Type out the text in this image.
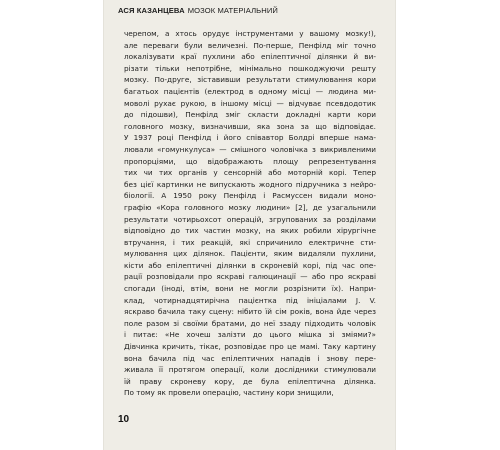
АСЯ КАЗАНЦЕВА МОЗОК МАТЕРІАЛЬНИЙ
черепом, а хтось орудує інструментами у вашому мозку!),
але переваги були величезні. По-перше, Пенфілд міг точно
локалізувати краї пухлини або епілептичної ділянки й ви-
різати тільки непотрібне, мінімально пошкоджуючи решту
мозку. По-друге, зіставивши результати стимулювання кори
багатьох пацієнтів (електрод в одному місці — людина ми-
моволі рухає рукою, в іншому місці — відчуває псевдодотик
до підошви), Пенфілд зміг скласти докладні карти кори
головного мозку, визначивши, яка зона за що відповідає.
У 1937 році Пенфілд і його співавтор Болдрі вперше нама-
лювали «гомункулуса» — смішного чоловічка з викривленими
пропорціями, що відображають площу репрезентування
тих чи тих органів у сенсорній або моторній корі. Тепер
без цієї картинки не випускають жодного підручника з нейро-
біології. А 1950 року Пенфілд і Расмуссен видали моно-
графію «Кора головного мозку людини» [2], де узагальнили
результати чотирьохсот операцій, згрупованих за розділами
відповідно до тих частин мозку, на яких робили хірургічне
втручання, і тих реакцій, які спричинило електричне сти-
мулювання цих ділянок. Пацієнти, яким видаляли пухлини,
кісти або епілептичні ділянки в скроневій корі, під час опе-
рації розповідали про яскраві галюцинації — або про яскраві
спогади (іноді, втім, вони не могли розрізнити їх). Напри-
клад, чотирнадцятирічна пацієнтка під ініціалами J. V.
яскраво бачила таку сцену: нібито їй сім років, вона йде через
поле разом зі своїми братами, до неї ззаду підходить чоловік
і питає: «Не хочеш залізти до цього мішка зі зміями?»
Дівчинка кричить, тікає, розповідає про це мамі. Таку картину
вона бачила під час епілептичних нападів і знову пере-
живала її протягом операції, коли дослідники стимулювали
їй праву скроневу кору, де була епілептична ділянка.
По тому як провели операцію, частину кори знищили,
10
